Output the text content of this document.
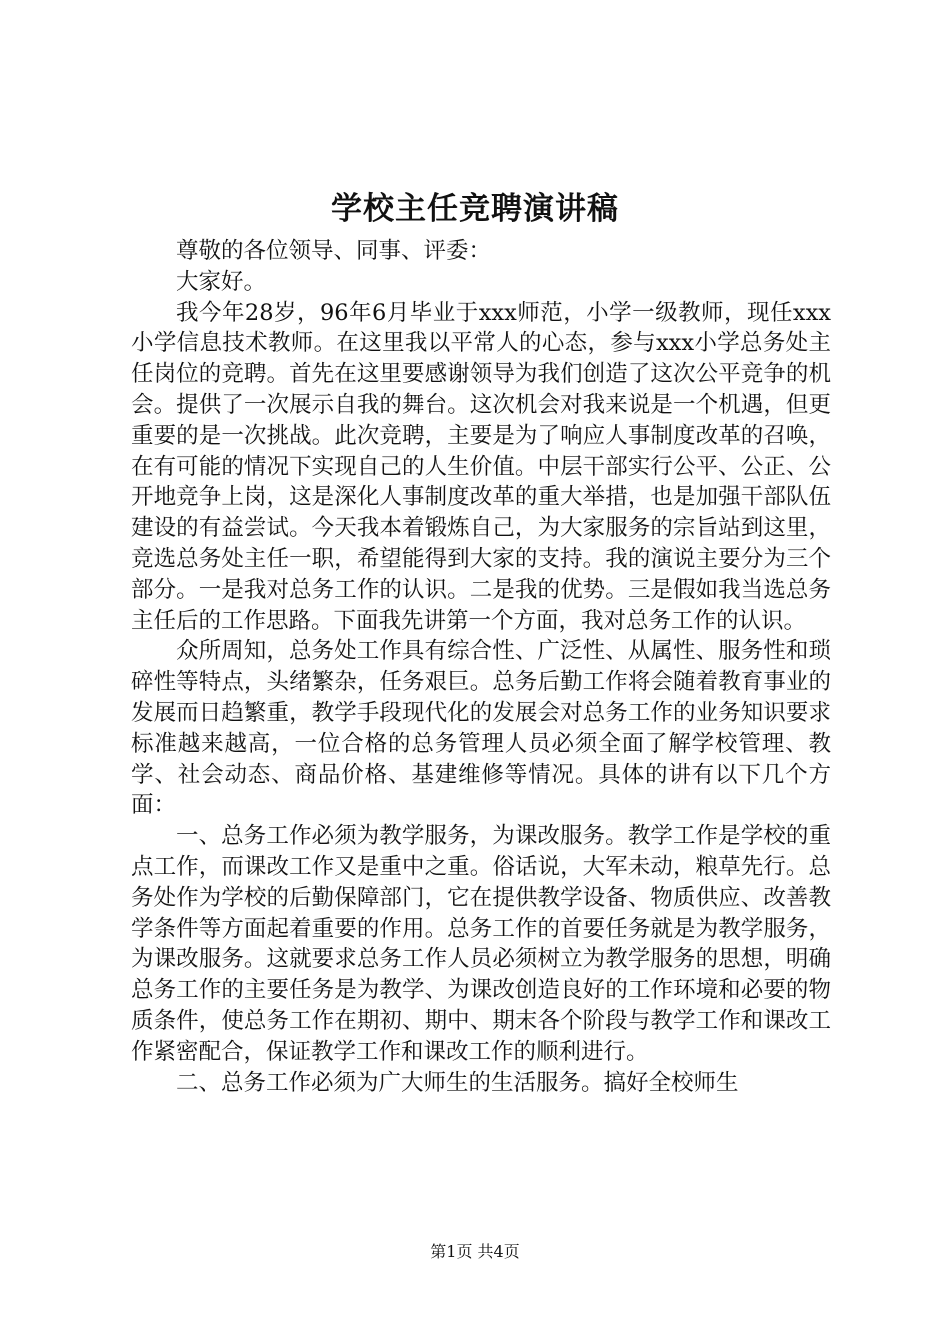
学校主任竞聘演讲稿

尊敬的各位领导、同事、评委：

大家好。

我今年28岁，96年6月毕业于xxx师范，小学一级教师，现任xxx小学信息技术教师。在这里我以平常人的心态，参与xxx小学总务处主任岗位的竞聘。首先在这里要感谢领导为我们创造了这次公平竞争的机会。提供了一次展示自我的舞台。这次机会对我来说是一个机遇，但更重要的是一次挑战。此次竞聘，主要是为了响应人事制度改革的召唤，在有可能的情况下实现自己的人生价值。中层干部实行公平、公正、公开地竞争上岗，这是深化人事制度改革的重大举措，也是加强干部队伍建设的有益尝试。今天我本着锻炼自己，为大家服务的宗旨站到这里，竞选总务处主任一职，希望能得到大家的支持。我的演说主要分为三个部分。一是我对总务工作的认识。二是我的优势。三是假如我当选总务主任后的工作思路。下面我先讲第一个方面，我对总务工作的认识。

众所周知，总务处工作具有综合性、广泛性、从属性、服务性和琐碎性等特点，头绪繁杂，任务艰巨。总务后勤工作将会随着教育事业的发展而日趋繁重，教学手段现代化的发展会对总务工作的业务知识要求标准越来越高，一位合格的总务管理人员必须全面了解学校管理、教学、社会动态、商品价格、基建维修等情况。具体的讲有以下几个方面：

一、总务工作必须为教学服务，为课改服务。教学工作是学校的重点工作，而课改工作又是重中之重。俗话说，大军未动，粮草先行。总务处作为学校的后勤保障部门，它在提供教学设备、物质供应、改善教学条件等方面起着重要的作用。总务工作的首要任务就是为教学服务，为课改服务。这就要求总务工作人员必须树立为教学服务的思想，明确总务工作的主要任务是为教学、为课改创造良好的工作环境和必要的物质条件，使总务工作在期初、期中、期末各个阶段与教学工作和课改工作紧密配合，保证教学工作和课改工作的顺利进行。

二、总务工作必须为广大师生的生活服务。搞好全校师生

第1页 共4页
